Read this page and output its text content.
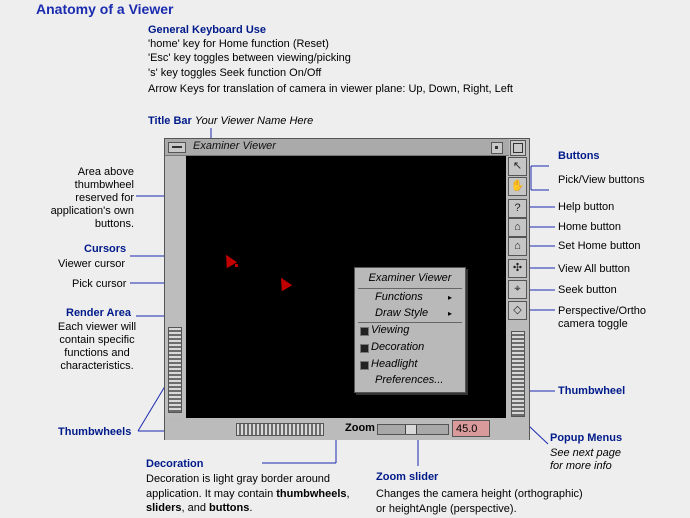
Anatomy of a Viewer
General Keyboard Use
'home' key for Home function (Reset)
'Esc' key toggles between viewing/picking
's' key toggles Seek function On/Off
Arrow Keys for translation of camera in viewer plane: Up, Down, Right, Left
Title Bar Your Viewer Name Here
Area above
thumbwheel
reserved for
application's own
buttons.
Cursors
Viewer cursor
Pick cursor
Render Area
Each viewer will
contain specific
functions and
characteristics.
Thumbwheels
Examiner Viewer
↖
✋
?
⌂
⌂
✣
⌖
◇
Zoom	45.0
Examiner Viewer
Functions	▸
Draw Style ▸
Viewing
Decoration
Headlight
Preferences...
Buttons
Pick/View buttons
Help button
Home button
Set Home button
View All button
Seek button
Perspective/Ortho
camera toggle
Thumbwheel
Popup Menus
See next page
for more info
Decoration
Decoration is light gray border around
application. It may contain thumbwheels,
sliders, and buttons.
Zoom slider
Changes the camera height (orthographic)
or heightAngle (perspective).
